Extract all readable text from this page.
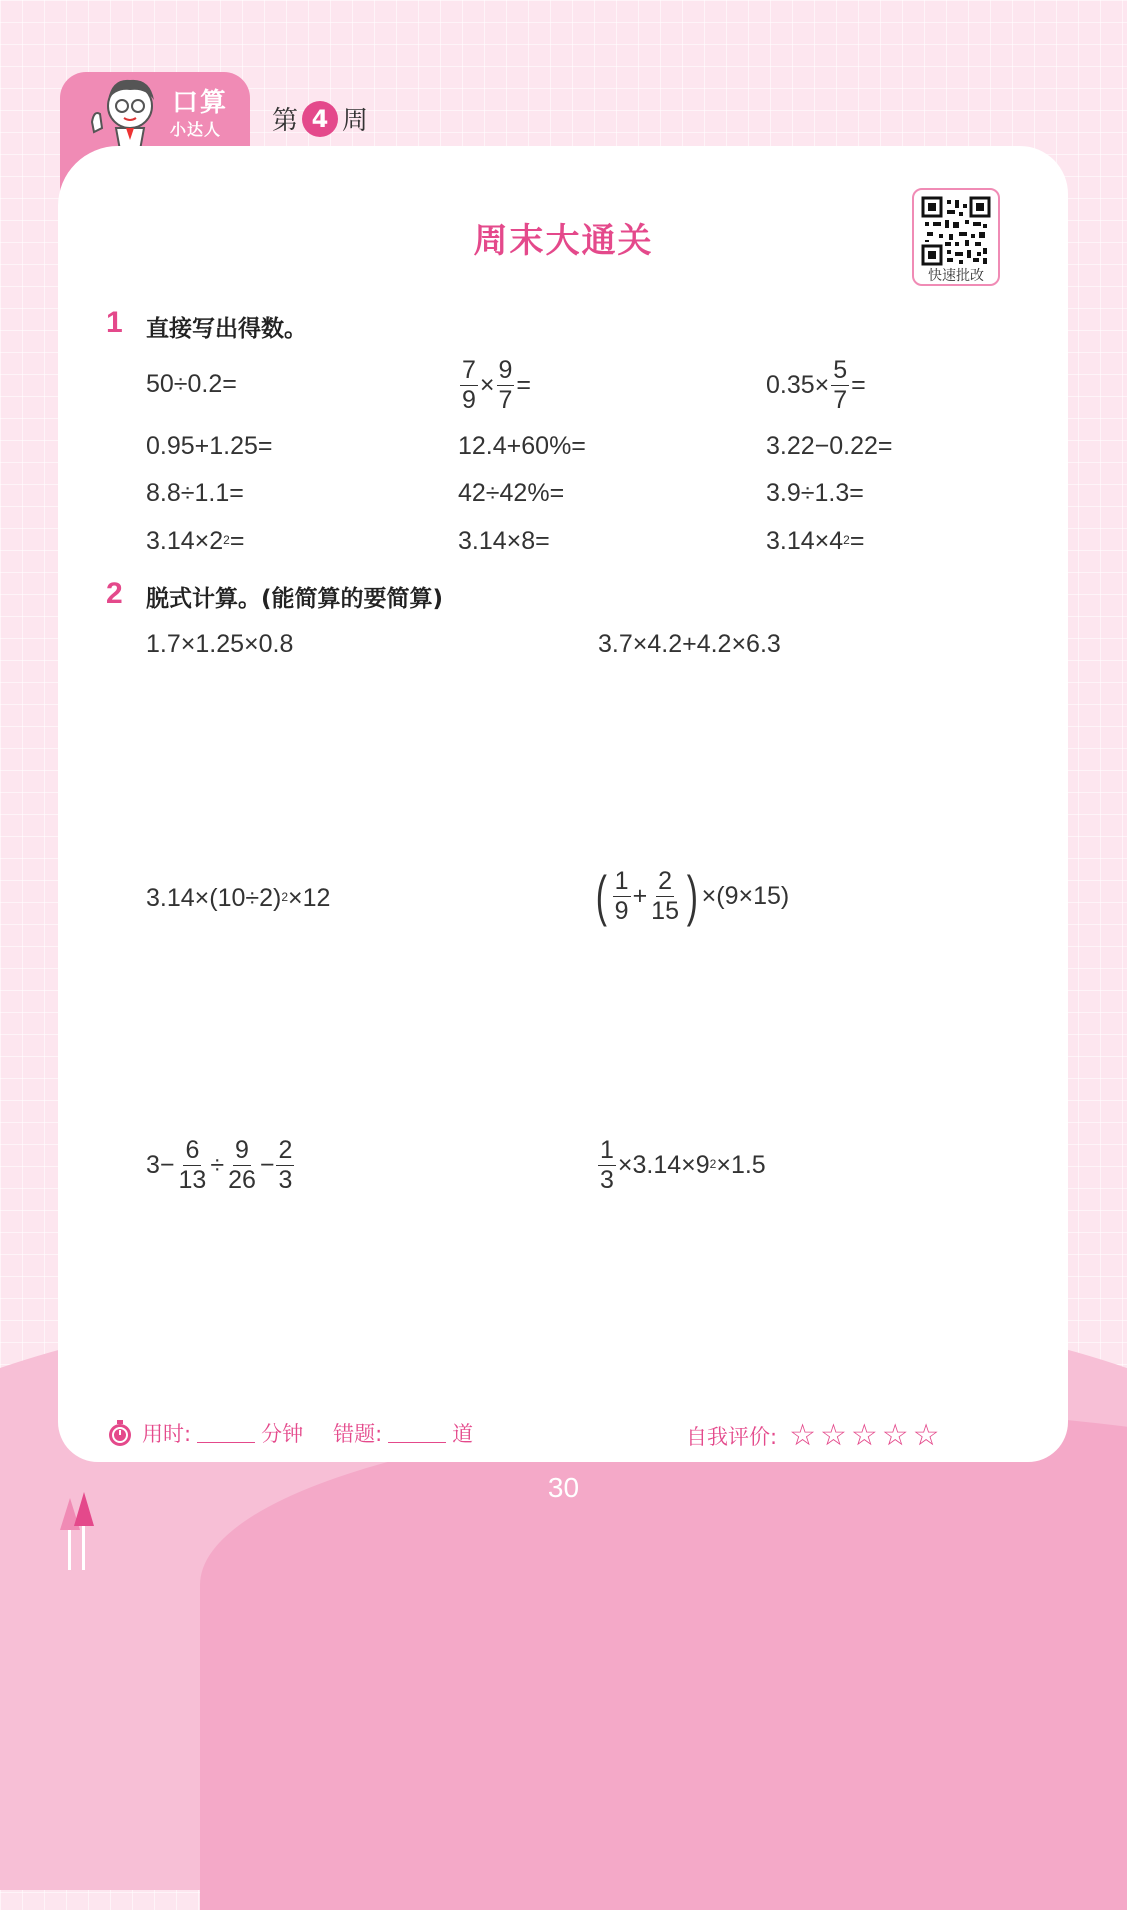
口算
小达人 第 4 周
周末大通关
快速批改
1 直接写出得数。
50÷0.2=	$\frac{7}{9} \times \frac{9}{7}$ =	$0.35\times \frac{5}{7}$ =
0.95+1.25=	12.4+60%=	3.22−0.22=
8.8÷1.1=	42÷42%=	3.9÷1.3=
$3.14\times 2^2$ =	3.14×8=	$3.14\times 4^2$ =
2 脱式计算。(能简算的要简算)
1.7×1.25×0.8	3.7×4.2+4.2×6.3
$3.14\times(10\div 2)^2 \times 12$	( $\frac{1}{9} + \frac{2}{15}$ ) ×(9×15)
$3- \frac{6}{13} \div \frac{9}{26} - \frac{2}{3}$	$\frac{1}{3} \times 3.14\times 9^2 \times 1.5$
用时:	分钟 错题:	道	自我评价: ☆☆☆☆☆
30
